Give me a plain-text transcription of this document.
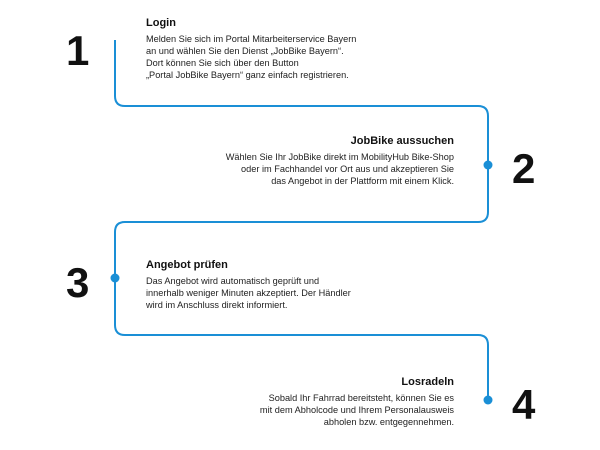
1
Login
Melden Sie sich im Portal Mitarbeiterservice Bayern
an und wählen Sie den Dienst „JobBike Bayern“.
Dort können Sie sich über den Button
„Portal JobBike Bayern“ ganz einfach registrieren.
2
JobBike aussuchen
Wählen Sie Ihr JobBike direkt im MobilityHub Bike-Shop
oder im Fachhandel vor Ort aus und akzeptieren Sie
das Angebot in der Plattform mit einem Klick.
3	Angebot prüfen
Das Angebot wird automatisch geprüft und
innerhalb weniger Minuten akzeptiert. Der Händler
wird im Anschluss direkt informiert.
4
Losradeln
Sobald Ihr Fahrrad bereitsteht, können Sie es
mit dem Abholcode und Ihrem Personalausweis
abholen bzw. entgegennehmen.
